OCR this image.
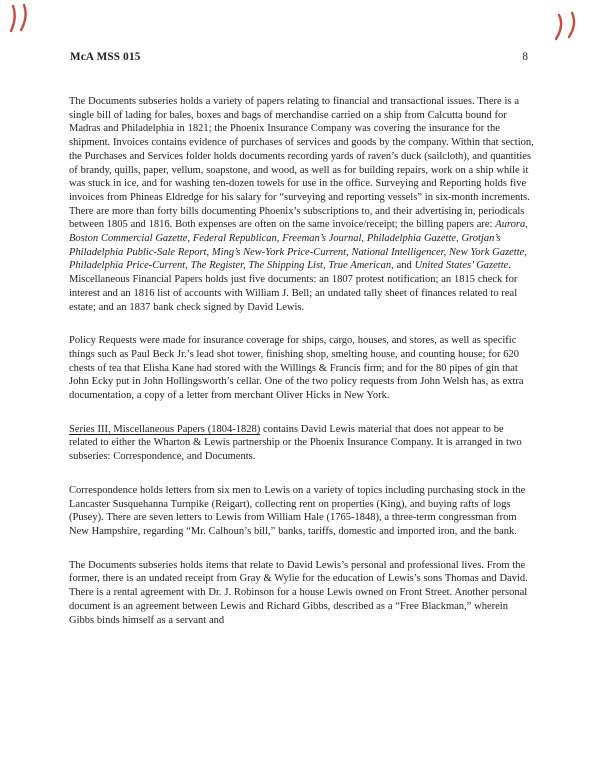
McA MSS 015	8

The Documents subseries holds a variety of papers relating to financial and transactional issues. There is a single bill of lading for bales, boxes and bags of merchandise carried on a ship from Calcutta bound for Madras and Philadelphia in 1821; the Phoenix Insurance Company was covering the insurance for the shipment. Invoices contains evidence of purchases of services and goods by the company. Within that section, the Purchases and Services folder holds documents recording yards of raven’s duck (sailcloth), and quantities of brandy, quills, paper, vellum, soapstone, and wood, as well as for building repairs, work on a ship while it was stuck in ice, and for washing ten-dozen towels for use in the office. Surveying and Reporting holds five invoices from Phineas Eldredge for his salary for “surveying and reporting vessels” in six-month increments. There are more than forty bills documenting Phoenix’s subscriptions to, and their advertising in, periodicals between 1805 and 1816. Both expenses are often on the same invoice/receipt; the billing papers are: Aurora, Boston Commercial Gazette, Federal Republican, Freeman’s Journal, Philadelphia Gazette, Grotjan’s Philadelphia Public-Sale Report, Ming’s New-York Price-Current, National Intelligencer, New York Gazette, Philadelphia Price-Current, The Register, The Shipping List, True American, and United States’ Gazette. Miscellaneous Financial Papers holds just five documents: an 1807 protest notification; an 1815 check for interest and an 1816 list of accounts with William J. Bell; an undated tally sheet of finances related to real estate; and an 1837 bank check signed by David Lewis.

Policy Requests were made for insurance coverage for ships, cargo, houses, and stores, as well as specific things such as Paul Beck Jr.’s lead shot tower, finishing shop, smelting house, and counting house; for 620 chests of tea that Elisha Kane had stored with the Willings & Francis firm; and for the 80 pipes of gin that John Ecky put in John Hollingsworth’s cellar. One of the two policy requests from John Welsh has, as extra documentation, a copy of a letter from merchant Oliver Hicks in New York.

Series III, Miscellaneous Papers (1804-1828) contains David Lewis material that does not appear to be related to either the Wharton & Lewis partnership or the Phoenix Insurance Company. It is arranged in two subseries: Correspondence, and Documents.

Correspondence holds letters from six men to Lewis on a variety of topics including purchasing stock in the Lancaster Susquehanna Turnpike (Reigart), collecting rent on properties (King), and buying rafts of logs (Pusey). There are seven letters to Lewis from William Hale (1765-1848), a three-term congressman from New Hampshire, regarding “Mr. Calhoun’s bill,” banks, tariffs, domestic and imported iron, and the bank.

The Documents subseries holds items that relate to David Lewis’s personal and professional lives. From the former, there is an undated receipt from Gray & Wylie for the education of Lewis’s sons Thomas and David. There is a rental agreement with Dr. J. Robinson for a house Lewis owned on Front Street. Another personal document is an agreement between Lewis and Richard Gibbs, described as a “Free Blackman,” wherein Gibbs binds himself as a servant and
